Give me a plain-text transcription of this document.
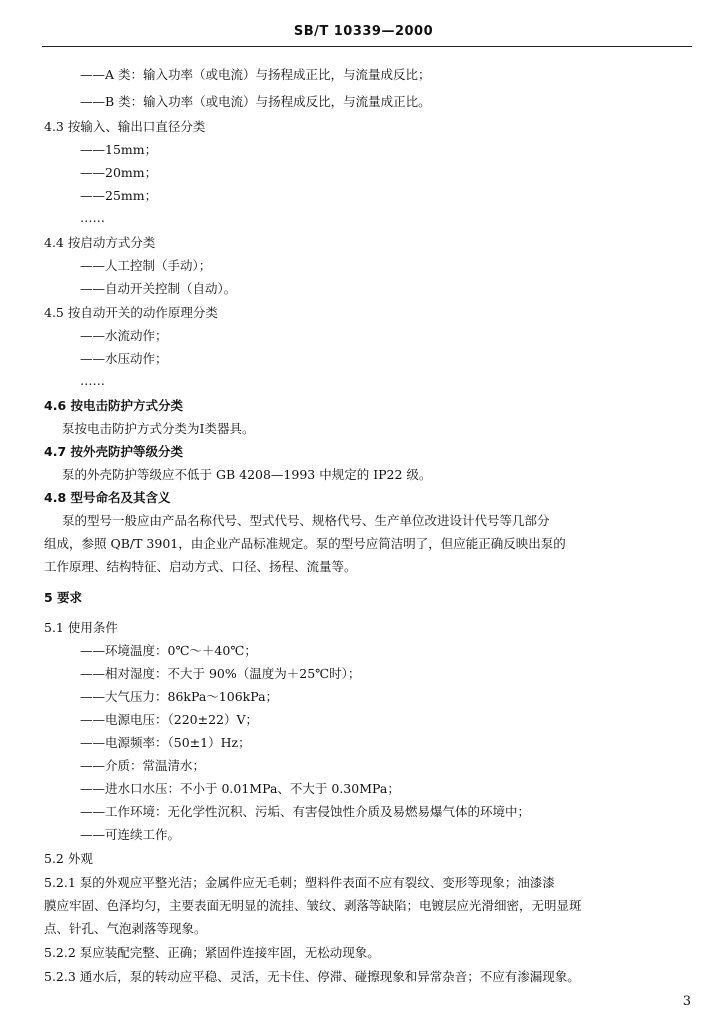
SB/T 10339—2000
——A 类：输入功率（或电流）与扬程成正比，与流量成反比；
——B 类：输入功率（或电流）与扬程成反比，与流量成正比。
4.3 按输入、输出口直径分类
——15mm；
——20mm；
——25mm；
……
4.4 按启动方式分类
——人工控制（手动）；
——自动开关控制（自动）。
4.5 按自动开关的动作原理分类
——水流动作；
——水压动作；
……
4.6 按电击防护方式分类
泵按电击防护方式分类为Ⅰ类器具。
4.7 按外壳防护等级分类
泵的外壳防护等级应不低于 GB 4208—1993 中规定的 IP22 级。
4.8 型号命名及其含义
泵的型号一般应由产品名称代号、型式代号、规格代号、生产单位改进设计代号等几部分
组成，参照 QB/T 3901，由企业产品标准规定。泵的型号应简洁明了，但应能正确反映出泵的
工作原理、结构特征、启动方式、口径、扬程、流量等。
5 要求
5.1 使用条件
——环境温度：0℃～＋40℃；
——相对湿度：不大于 90%（温度为＋25℃时）；
——大气压力：86kPa～106kPa；
——电源电压：（220±22）V；
——电源频率：（50±1）Hz；
——介质：常温清水；
——进水口水压：不小于 0.01MPa、不大于 0.30MPa；
——工作环境：无化学性沉积、污垢、有害侵蚀性介质及易燃易爆气体的环境中；
——可连续工作。
5.2 外观
5.2.1 泵的外观应平整光洁；金属件应无毛刺；塑料件表面不应有裂纹、变形等现象；油漆漆
膜应牢固、色泽均匀，主要表面无明显的流挂、皱纹、剥落等缺陷；电镀层应光滑细密，无明显斑
点、针孔、气泡剥落等现象。
5.2.2 泵应装配完整、正确；紧固件连接牢固，无松动现象。
5.2.3 通水后，泵的转动应平稳、灵活，无卡住、停滞、碰擦现象和异常杂音；不应有渗漏现象。
3
